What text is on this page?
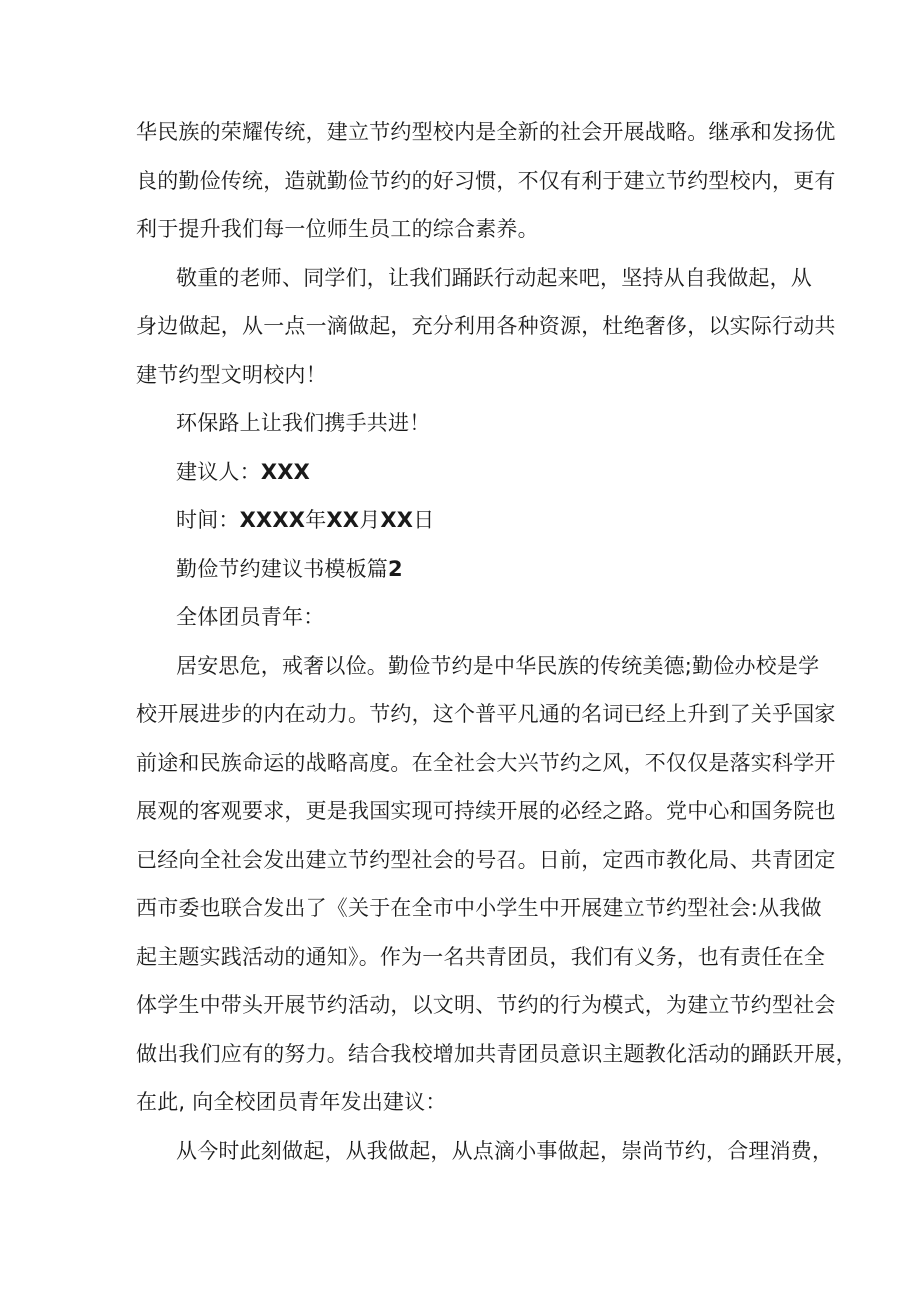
华民族的荣耀传统，建立节约型校内是全新的社会开展战略。继承和发扬优

良的勤俭传统，造就勤俭节约的好习惯，不仅有利于建立节约型校内，更有

利于提升我们每一位师生员工的综合素养。

敬重的老师、同学们，让我们踊跃行动起来吧，坚持从自我做起，从

身边做起，从一点一滴做起，充分利用各种资源，杜绝奢侈，以实际行动共

建节约型文明校内！

环保路上让我们携手共进！

建议人：XXX

时间：XXXX年XX月XX日

勤俭节约建议书模板篇2

全体团员青年：

居安思危，戒奢以俭。勤俭节约是中华民族的传统美德;勤俭办校是学

校开展进步的内在动力。节约，这个普平凡通的名词已经上升到了关乎国家

前途和民族命运的战略高度。在全社会大兴节约之风，不仅仅是落实科学开

展观的客观要求，更是我国实现可持续开展的必经之路。党中心和国务院也

已经向全社会发出建立节约型社会的号召。日前，定西市教化局、共青团定

西市委也联合发出了《关于在全市中小学生中开展建立节约型社会:从我做

起主题实践活动的通知》。作为一名共青团员，我们有义务，也有责任在全

体学生中带头开展节约活动，以文明、节约的行为模式，为建立节约型社会

做出我们应有的努力。结合我校增加共青团员意识主题教化活动的踊跃开展，

在此, 向全校团员青年发出建议：

从今时此刻做起，从我做起，从点滴小事做起，崇尚节约，合理消费，
